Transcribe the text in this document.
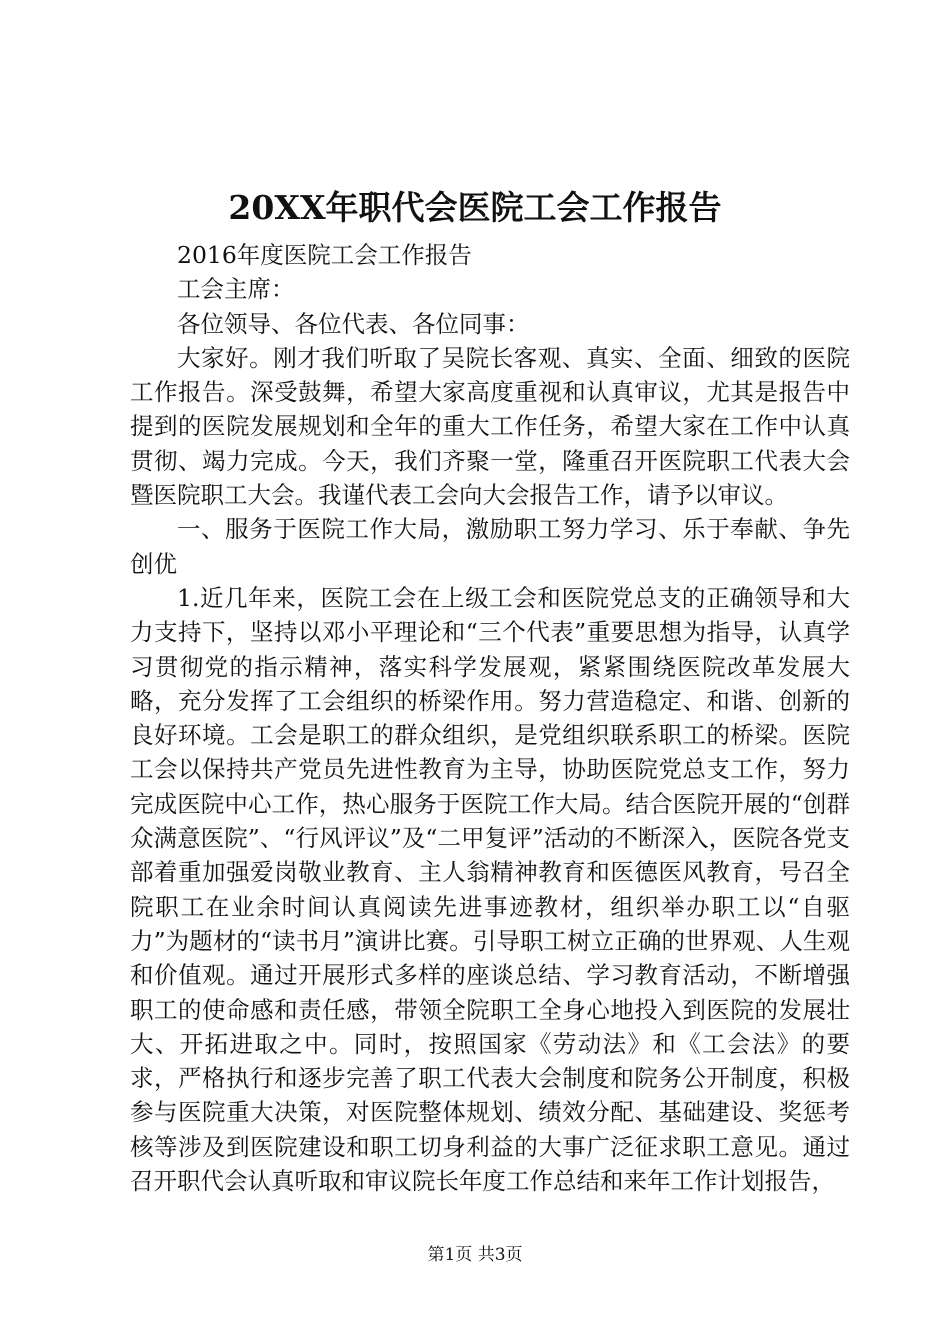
20XX年职代会医院工会工作报告

2016年度医院工会工作报告

工会主席：

各位领导、各位代表、各位同事：

大家好。刚才我们听取了吴院长客观、真实、全面、细致的医院工作报告。深受鼓舞，希望大家高度重视和认真审议，尤其是报告中提到的医院发展规划和全年的重大工作任务，希望大家在工作中认真贯彻、竭力完成。今天，我们齐聚一堂，隆重召开医院职工代表大会暨医院职工大会。我谨代表工会向大会报告工作，请予以审议。

一、服务于医院工作大局，激励职工努力学习、乐于奉献、争先创优

1.近几年来，医院工会在上级工会和医院党总支的正确领导和大力支持下，坚持以邓小平理论和“三个代表”重要思想为指导，认真学习贯彻党的指示精神，落实科学发展观，紧紧围绕医院改革发展大略，充分发挥了工会组织的桥梁作用。努力营造稳定、和谐、创新的良好环境。工会是职工的群众组织，是党组织联系职工的桥梁。医院工会以保持共产党员先进性教育为主导，协助医院党总支工作，努力完成医院中心工作，热心服务于医院工作大局。结合医院开展的“创群众满意医院”、“行风评议”及“二甲复评”活动的不断深入，医院各党支部着重加强爱岗敬业教育、主人翁精神教育和医德医风教育，号召全院职工在业余时间认真阅读先进事迹教材，组织举办职工以“自驱力”为题材的“读书月”演讲比赛。引导职工树立正确的世界观、人生观和价值观。通过开展形式多样的座谈总结、学习教育活动，不断增强职工的使命感和责任感，带领全院职工全身心地投入到医院的发展壮大、开拓进取之中。同时，按照国家《劳动法》和《工会法》的要求，严格执行和逐步完善了职工代表大会制度和院务公开制度，积极参与医院重大决策，对医院整体规划、绩效分配、基础建设、奖惩考核等涉及到医院建设和职工切身利益的大事广泛征求职工意见。通过召开职代会认真听取和审议院长年度工作总结和来年工作计划报告，

第1页 共3页
